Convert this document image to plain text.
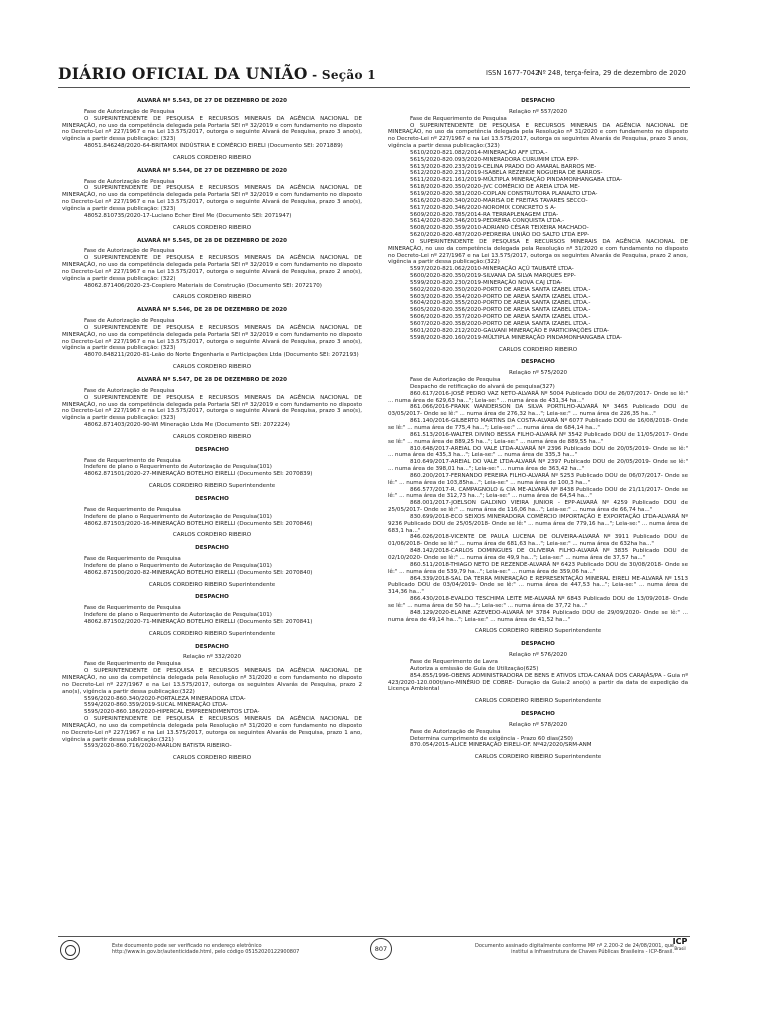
DIÁRIO OFICIAL DA UNIÃO - Seção 1	ISSN 1677-7042
Nº 248, terça-feira, 29 de dezembro de 2020
ALVARÁ Nº 5.543, DE 27 DE DEZEMBRO DE 2020

Fase de Autorização de Pesquisa

O SUPERINTENDENTE DE PESQUISA E RECURSOS MINERAIS DA AGÊNCIA NACIONAL DE MINERAÇÃO, no uso da competência delegada pela Portaria SEI nº 32/2019 e com fundamento no disposto no Decreto-Lei nº 227/1967 e na Lei 13.575/2017, outorga o seguinte Alvará de Pesquisa, prazo 3 ano(s), vigência a partir dessa publicação: (323)

48051.846248/2020-64-BRITAMIX INDÚSTRIA E COMÉRCIO EIRELI (Documento SEI: 2071889)

CARLOS CORDEIRO RIBEIRO
ALVARÁ Nº 5.544, DE 27 DE DEZEMBRO DE 2020

Fase de Autorização de Pesquisa

O SUPERINTENDENTE DE PESQUISA E RECURSOS MINERAIS DA AGÊNCIA NACIONAL DE MINERAÇÃO, no uso da competência delegada pela Portaria SEI nº 32/2019 e com fundamento no disposto no Decreto-Lei nº 227/1967 e na Lei 13.575/2017, outorga o seguinte Alvará de Pesquisa, prazo 3 ano(s), vigência a partir dessa publicação: (323)

48052.810735/2020-17-Luciano Echer Eirel Me (Documento SEI: 2071947)

CARLOS CORDEIRO RIBEIRO
ALVARÁ Nº 5.545, DE 28 DE DEZEMBRO DE 2020

Fase de Autorização de Pesquisa

O SUPERINTENDENTE DE PESQUISA E RECURSOS MINERAIS DA AGÊNCIA NACIONAL DE MINERAÇÃO, no uso da competência delegada pela Portaria SEI nº 32/2019 e com fundamento no disposto no Decreto-Lei nº 227/1967 e na Lei 13.575/2017, outorga o seguinte Alvará de Pesquisa, prazo 2 ano(s), vigência a partir dessa publicação: (322)

48062.871406/2020-23-Cospiero Materiais de Construção (Documento SEI: 2072170)

CARLOS CORDEIRO RIBEIRO
ALVARÁ Nº 5.546, DE 28 DE DEZEMBRO DE 2020

Fase de Autorização de Pesquisa

O SUPERINTENDENTE DE PESQUISA E RECURSOS MINERAIS DA AGÊNCIA NACIONAL DE MINERAÇÃO, no uso da competência delegada pela Portaria SEI nº 32/2019 e com fundamento no disposto no Decreto-Lei nº 227/1967 e na Lei 13.575/2017, outorga o seguinte Alvará de Pesquisa, prazo 3 ano(s), vigência a partir dessa publicação: (323)

48070.848211/2020-81-Leão do Norte Engenharia e Participações Ltda (Documento SEI: 2072193)

CARLOS CORDEIRO RIBEIRO
ALVARÁ Nº 5.547, DE 28 DE DEZEMBRO DE 2020

Fase de Autorização de Pesquisa

O SUPERINTENDENTE DE PESQUISA E RECURSOS MINERAIS DA AGÊNCIA NACIONAL DE MINERAÇÃO, no uso da competência delegada pela Portaria SEI nº 32/2019 e com fundamento no disposto no Decreto-Lei nº 227/1967 e na Lei 13.575/2017, outorga o seguinte Alvará de Pesquisa, prazo 3 ano(s), vigência a partir dessa publicação: (323)

48062.871403/2020-90-WI Mineração Ltda Me (Documento SEI: 2072224)

CARLOS CORDEIRO RIBEIRO
DESPACHO

Fase de Requerimento de Pesquisa

Indefere de plano o Requerimento de Autorização de Pesquisa(101)

48062.871501/2020-27-MINERAÇÃO BOTELHO EIRELLI (Documento SEI: 2070839)

CARLOS CORDEIRO RIBEIRO Superintendente
DESPACHO

Fase de Requerimento de Pesquisa

Indefere de plano o Requerimento de Autorização de Pesquisa(101)

48062.871503/2020-16-MINERAÇÃO BOTELHO EIRELLI (Documento SEI: 2070846)

CARLOS CORDEIRO RIBEIRO
DESPACHO

Fase de Requerimento de Pesquisa

Indefere de plano o Requerimento de Autorização de Pesquisa(101)

48062.871500/2020-82-MINERAÇÃO BOTELHO EIRELLI (Documento SEI: 2070840)

CARLOS CORDEIRO RIBEIRO Superintendente
DESPACHO

Fase de Requerimento de Pesquisa

Indefere de plano o Requerimento de Autorização de Pesquisa(101)

48062.871502/2020-71-MINERAÇÃO BOTELHO EIRELLI (Documento SEI: 2070841)

CARLOS CORDEIRO RIBEIRO Superintendente
DESPACHO
Relação nº 332/2020

Fase de Requerimento de Pesquisa

O SUPERINTENDENTE DE PESQUISA E RECURSOS MINERAIS DA AGÊNCIA NACIONAL DE MINERAÇÃO, no uso da competência delegada pela Resolução nº 31/2020 e com fundamento no disposto no Decreto-Lei nº 227/1967 e na Lei 13.575/2017, outorga os seguintes Alvarás de Pesquisa, prazo 2 ano(s), vigência a partir dessa publicação:(322)

5596/2020-860.340/2020-FORTALEZA MINERADORA LTDA-

5594/2020-860.359/2019-SUCAL MINERAÇÃO LTDA-

5595/2020-860.186/2020-HIPERCAL EMPREENDIMENTOS LTDA-

O SUPERINTENDENTE DE PESQUISA E RECURSOS MINERAIS DA AGÊNCIA NACIONAL DE MINERAÇÃO, no uso da competência delegada pela Resolução nº 31/2020 e com fundamento no disposto no Decreto-Lei nº 227/1967 e na Lei 13.575/2017, outorga os seguintes Alvarás de Pesquisa, prazo 1 ano, vigência a partir dessa publicação:(321)

5593/2020-860.716/2020-MARLON BATISTA RIBEIRO-

CARLOS CORDEIRO RIBEIRO
DESPACHO
Relação nº 557/2020

Fase de Requerimento de Pesquisa

O SUPERINTENDENTE DE PESQUISA E RECURSOS MINERAIS DA AGÊNCIA NACIONAL DE MINERAÇÃO, no uso da competência delegada pela Resolução nº 31/2020 e com fundamento no disposto no Decreto-Lei nº 227/1967 e na Lei 13.575/2017, outorga os seguintes Alvarás de Pesquisa, prazo 3 anos, vigência a partir dessa publicação:(323)

5610/2020-821.082/2014-MINERAÇÃO AFF LTDA.-

5615/2020-820.093/2020-MINERADORA CURUMIM LTDA EPP-

5613/2020-820.233/2019-CELINA PRADO DO AMARAL BARROS ME-

5612/2020-820.231/2019-ISABELA REZENDE NOGUEIRA DE BARROS-

5611/2020-821.161/2019-MÚLTIPLA MINERAÇÃO PINDAMONHANGABA LTDA-

5618/2020-820.350/2020-JVC COMÉRCIO DE AREIA LTDA ME-

5619/2020-820.381/2020-COPLAN CONSTRUTORA PLANALTO LTDA-

5616/2020-820.340/2020-MARISA DE FREITAS TAVARES SECCO-

5617/2020-820.346/2020-NOROMIX CONCRETO S A-

5609/2020-820.785/2014-RA TERRAPLENAGEM LTDA-

5614/2020-820.346/2019-PEDREIRA CONQUISTA LTDA.-

5608/2020-820.359/2010-ADRIANO CÉSAR TEIXEIRA MACHADO-

5620/2020-820.487/2020-PEDREIRA UNIÃO DO SALTO LTDA EPP-

O SUPERINTENDENTE DE PESQUISA E RECURSOS MINERAIS DA AGÊNCIA NACIONAL DE MINERAÇÃO, no uso da competência delegada pela Resolução nº 31/2020 e com fundamento no disposto no Decreto-Lei nº 227/1967 e na Lei 13.575/2017, outorga os seguintes Alvarás de Pesquisa, prazo 2 anos, vigência a partir dessa publicação:(322)

5597/2020-821.062/2010-MINERAÇÃO AÇÚ TAUBATÉ LTDA-

5600/2020-820.350/2019-SILVANA DA SILVA MARQUES EPP-

5599/2020-820.230/2019-MINERAÇÃO NOVA CAJ LTDA-

5602/2020-820.350/2020-PORTO DE AREIA SANTA IZABEL LTDA.-

5603/2020-820.354/2020-PORTO DE AREIA SANTA IZABEL LTDA.-

5604/2020-820.355/2020-PORTO DE AREIA SANTA IZABEL LTDA.-

5605/2020-820.356/2020-PORTO DE AREIA SANTA IZABEL LTDA.-

5606/2020-820.357/2020-PORTO DE AREIA SANTA IZABEL LTDA.-

5607/2020-820.358/2020-PORTO DE AREIA SANTA IZABEL LTDA.-

5601/2020-820.212/2020-GALVANI MINERAÇÃO E PARTICIPAÇÕES LTDA-

5598/2020-820.160/2019-MÚLTIPLA MINERAÇÃO PINDAMONHANGABA LTDA-

CARLOS CORDEIRO RIBEIRO
DESPACHO
Relação nº 575/2020

Fase de Autorização de Pesquisa

Despacho de retificação do alvará de pesquisa(327)

860.617/2016-JOSÉ PEDRO VAZ NETO-ALVARÁ Nº 5004 Publicado DOU de 26/07/2017- Onde se lê:" ... numa área de 629,63 ha..."; Leia-se:" ... numa área de 431,34 ha..."

861.066/2016-FRANK WANDERSON DA SILVA PORTILHO-ALVARÁ Nº 3465 Publicado DOU de 03/05/2017- Onde se lê:" ... numa área de 276,32 ha..."; Leia-se:" ... numa área de 226,35 ha..."

861.140/2016-GILBERTO MARTINS DA COSTA-ALVARÁ Nº 6077 Publicado DOU de 16/08/2018- Onde se lê:" ... numa área de 775,4 ha..."; Leia-se:" ... numa área de 684,14 ha..."

861.513/2016-WALTER DIVINO BESSA FILHO-ALVARÁ Nº 3542 Publicado DOU de 11/05/2017- Onde se lê:" ... numa área de 889,25 ha..."; Leia-se:" ... numa área de 889,55 ha..."

810.648/2017-AREIAL DO VALE LTDA-ALVARÁ Nº 2396 Publicado DOU de 20/05/2019- Onde se lê:" ... numa área de 435,3 ha..."; Leia-se:" ... numa área de 335,3 ha..."

810.649/2017-AREIAL DO VALE LTDA-ALVARÁ Nº 2397 Publicado DOU de 20/05/2019- Onde se lê:" ... numa área de 398,01 ha..."; Leia-se:" ... numa área de 363,42 ha..."

860.200/2017-FERNANDO PEREIRA FILHO-ALVARÁ Nº 5253 Publicado DOU de 06/07/2017- Onde se lê:" ... numa área de 103,85ha..."; Leia-se:" ... numa área de 100,3 ha..."

866.577/2017-R. CAMPAGNOLO & CIA ME-ALVARÁ Nº 8438 Publicado DOU de 21/11/2017- Onde se lê:" ... numa área de 312,73 ha..."; Leia-se:" ... numa área de 64,54 ha..."

868.001/2017-JOELSON GALDINO VIEIRA JUNIOR - EPP-ALVARÁ Nº 4259 Publicado DOU de 25/05/2017- Onde se lê:" ... numa área de 116,06 ha..."; Leia-se:" ... numa área de 66,74 ha..."

830.699/2018-ECO SEIXOS MINERADORA COMÉRCIO IMPORTAÇÃO E EXPORTAÇÃO LTDA-ALVARÁ Nº 9236 Publicado DOU de 25/05/2018- Onde se lê:" ... numa área de 779,16 ha..."; Leia-se:" ... numa área de 683,1 ha..."

846.026/2018-VICENTE DE PAULA LUCENA DE OLIVEIRA-ALVARÁ Nº 3911 Publicado DOU de 01/06/2018- Onde se lê:" ... numa área de 681,63 ha..."; Leia-se:" ... numa área de 632ha ha..."

848.142/2018-CARLOS DOMINGUES DE OLIVEIRA FILHO-ALVARÁ Nº 3835 Publicado DOU de 02/10/2020- Onde se lê:" ... numa área de 49,9 ha..."; Leia-se:" ... numa área de 37,57 ha..."

860.511/2018-THIAGO NETO DE REZENDE-ALVARÁ Nº 6423 Publicado DOU de 30/08/2018- Onde se lê:" ... numa área de 539,79 ha..."; Leia-se:" ... numa área de 359,06 ha..."

864.339/2018-SAL DA TERRA MINERAÇÃO E REPRESENTAÇÃO MINERAL EIRELI ME-ALVARÁ Nº 1513 Publicado DOU de 03/04/2019- Onde se lê:" ... numa área de 447,53 ha..."; Leia-se:" ... numa área de 314,36 ha..."

866.430/2018-EVALDO TESCHIMA LEITE ME-ALVARÁ Nº 6843 Publicado DOU de 13/09/2018- Onde se lê:" ... numa área de 50 ha..."; Leia-se:" ... numa área de 37,72 ha..."

848.129/2020-ELAINE AZEVEDO-ALVARÁ Nº 3784 Publicado DOU de 29/09/2020- Onde se lê:" ... numa área de 49,14 ha..."; Leia-se:" ... numa área de 41,52 ha..."

CARLOS CORDEIRO RIBEIRO Superintendente
DESPACHO
Relação nº 576/2020

Fase de Requerimento de Lavra

Autoriza a emissão de Guia de Utilização(625)

854.855/1996-OBENS ADMINISTRADORA DE BENS E ATIVOS LTDA-CANAÃ DOS CARAJÁS/PA - Guia nº 423/2020-120.000t/ano-MINÉRIO DE COBRE- Duração da Guia:2 ano(s) a partir da data de expedição da Licença Ambiental

CARLOS CORDEIRO RIBEIRO Superintendente
DESPACHO
Relação nº 578/2020

Fase de Autorização de Pesquisa

Determina cumprimento de exigência - Prazo 60 dias(250)

870.054/2015-ALICE MINERAÇÃO EIRELI-OF. Nº42/2020/SRM-ANM

CARLOS CORDEIRO RIBEIRO Superintendente
Este documento pode ser verificado no endereço eletrônico http://www.in.gov.br/autenticidade.html, pelo código 05152020122900807	807	Documento assinado digitalmente conforme MP nº 2.200-2 de 24/08/2001, que institui a Infraestrutura de Chaves Públicas Brasileira - ICP-Brasil.
ICP
Brasil
